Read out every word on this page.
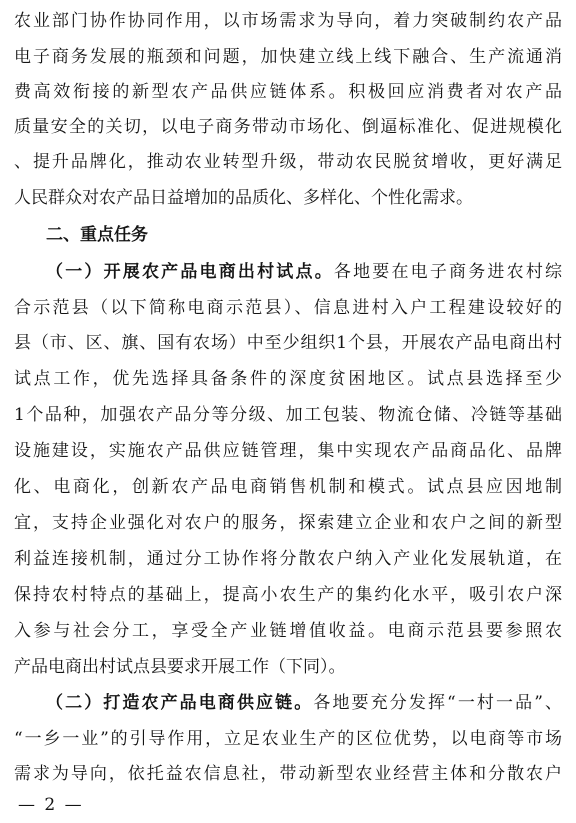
农业部门协作协同作用，以市场需求为导向，着力突破制约农产品
电子商务发展的瓶颈和问题，加快建立线上线下融合、生产流通消
费高效衔接的新型农产品供应链体系。积极回应消费者对农产品
质量安全的关切，以电子商务带动市场化、倒逼标准化、促进规模化
、提升品牌化，推动农业转型升级，带动农民脱贫增收，更好满足
人民群众对农产品日益增加的品质化、多样化、个性化需求。
二、重点任务
（一）开展农产品电商出村试点。各地要在电子商务进农村综
合示范县（以下简称电商示范县）、信息进村入户工程建设较好的
县（市、区、旗、国有农场）中至少组织1个县，开展农产品电商出村
试点工作，优先选择具备条件的深度贫困地区。试点县选择至少
1个品种，加强农产品分等分级、加工包装、物流仓储、冷链等基础
设施建设，实施农产品供应链管理，集中实现农产品商品化、品牌
化、电商化，创新农产品电商销售机制和模式。试点县应因地制
宜，支持企业强化对农户的服务，探索建立企业和农户之间的新型
利益连接机制，通过分工协作将分散农户纳入产业化发展轨道，在
保持农村特点的基础上，提高小农生产的集约化水平，吸引农户深
入参与社会分工，享受全产业链增值收益。电商示范县要参照农
产品电商出村试点县要求开展工作（下同）。
（二）打造农产品电商供应链。各地要充分发挥“一村一品”、
“一乡一业”的引导作用，立足农业生产的区位优势，以电商等市场
需求为导向，依托益农信息社，带动新型农业经营主体和分散农户
— 2 —
